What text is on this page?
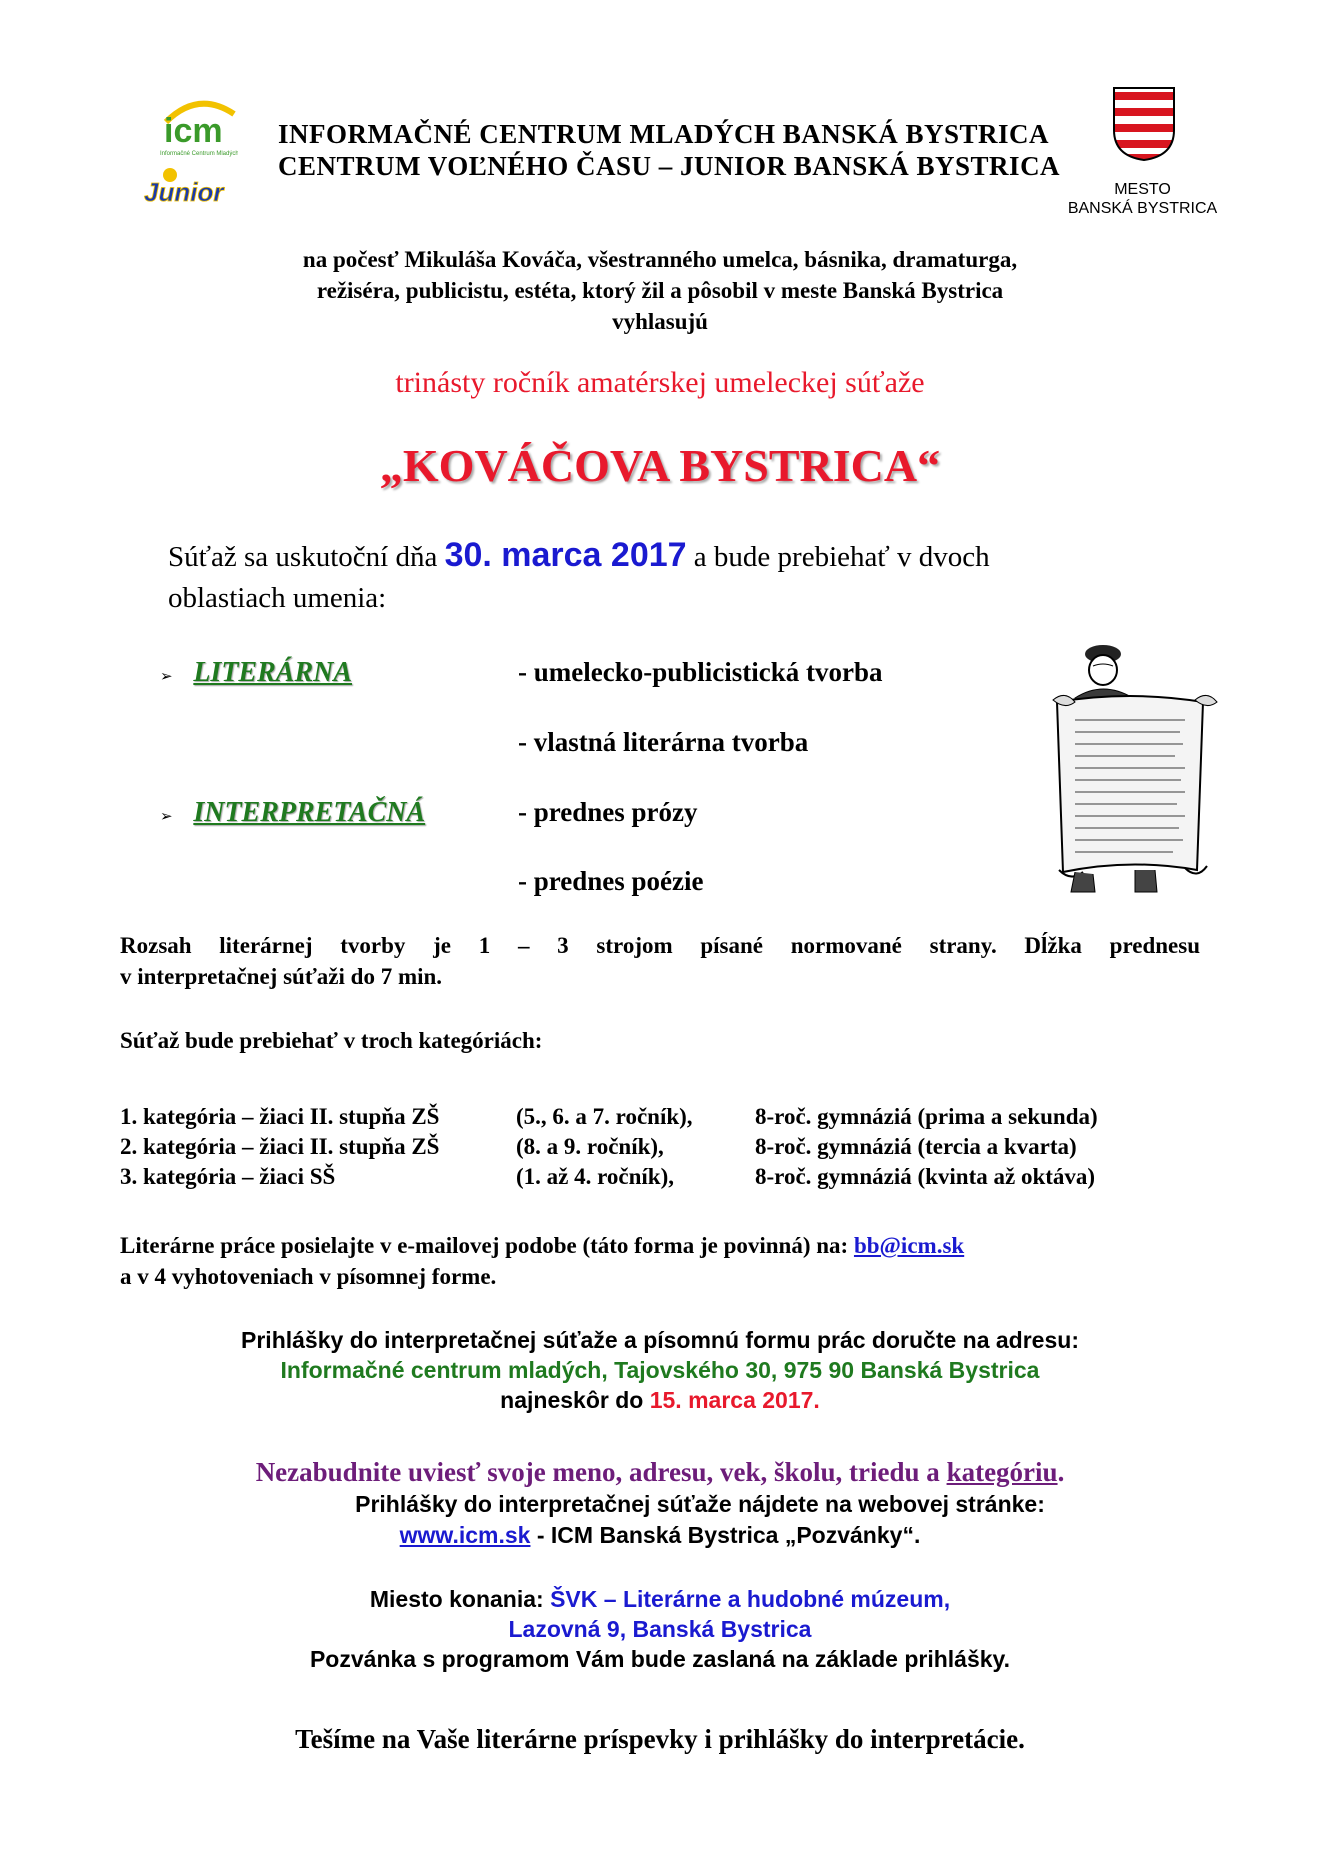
icm
Informačné Centrum Mladých
Junior
INFORMAČNÉ CENTRUM MLADÝCH BANSKÁ BYSTRICA
CENTRUM VOĽNÉHO ČASU – JUNIOR BANSKÁ BYSTRICA
MESTO
BANSKÁ BYSTRICA
na počesť Mikuláša Kováča, všestranného umelca, básnika, dramaturga,
režiséra, publicistu, estéta, ktorý žil a pôsobil v meste Banská Bystrica
vyhlasujú
trinásty ročník amatérskej umeleckej súťaže
„KOVÁČOVA BYSTRICA“
Súťaž sa uskutoční dňa 30. marca 2017 a bude prebiehať v dvoch
oblastiach umenia:
➢ LITERÁRNA	- umelecko-publicistická tvorba
- vlastná literárna tvorba
➢ INTERPRETAČNÁ	- prednes prózy
- prednes poézie
Rozsah literárnej tvorby je 1 – 3 strojom písané normované strany. Dĺžka prednesu
v interpretačnej súťaži do 7 min.
Súťaž bude prebiehať v troch kategóriách:
1. kategória – žiaci II. stupňa ZŠ	(5., 6. a 7. ročník),	8-roč. gymnáziá (prima a sekunda)
2. kategória – žiaci II. stupňa ZŠ	(8. a 9. ročník),	8-roč. gymnáziá (tercia a kvarta)
3. kategória – žiaci SŠ	(1. až 4. ročník),	8-roč. gymnáziá (kvinta až oktáva)
Literárne práce posielajte v e-mailovej podobe (táto forma je povinná) na: bb@icm.sk
a v 4 vyhotoveniach v písomnej forme.
Prihlášky do interpretačnej súťaže a písomnú formu prác doručte na adresu:
Informačné centrum mladých, Tajovského 30, 975 90 Banská Bystrica
najneskôr do 15. marca 2017.
Nezabudnite uviesť svoje meno, adresu, vek, školu, triedu a kategóriu.
Prihlášky do interpretačnej súťaže nájdete na webovej stránke:
www.icm.sk - ICM Banská Bystrica „Pozvánky“.
Miesto konania: ŠVK – Literárne a hudobné múzeum,
Lazovná 9, Banská Bystrica
Pozvánka s programom Vám bude zaslaná na základe prihlášky.
Tešíme na Vaše literárne príspevky i prihlášky do interpretácie.
